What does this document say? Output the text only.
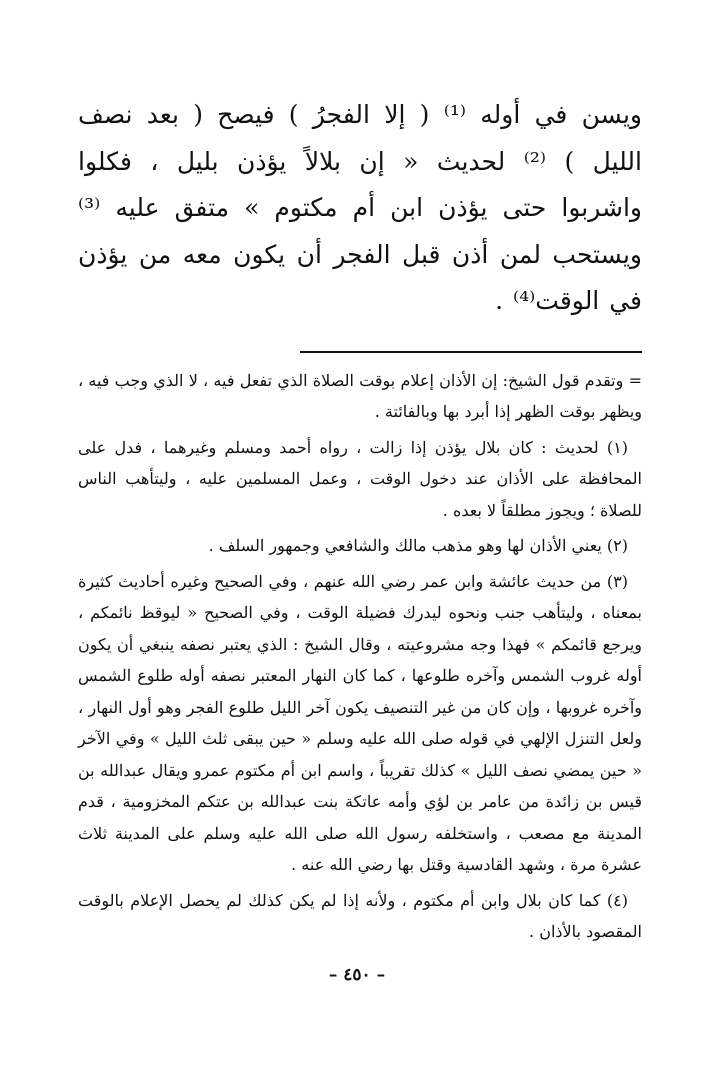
ويسن في أوله ⁽¹⁾ ( إلا الفجرُ ) فيصح ( بعد نصف الليل ) ⁽²⁾ لحديث « إن بلالاً يؤذن بليل ، فكلوا واشربوا حتى يؤذن ابن أم مكتوم » متفق عليه ⁽³⁾ ويستحب لمن أذن قبل الفجر أن يكون معه من يؤذن في الوقت⁽⁴⁾ .

= وتقدم قول الشيخ: إن الأذان إعلام بوقت الصلاة الذي تفعل فيه ، لا الذي وجب فيه ، ويظهر بوقت الظهر إذا أبرد بها وبالفائتة .

(١) لحديث : كان بلال يؤذن إذا زالت ، رواه أحمد ومسلم وغيرهما ، فدل على المحافظة على الأذان عند دخول الوقت ، وعمل المسلمين عليه ، وليتأهب الناس للصلاة ؛ ويجوز مطلقاً لا بعده .

(٢) يعني الأذان لها وهو مذهب مالك والشافعي وجمهور السلف .

(٣) من حديث عائشة وابن عمر رضي الله عنهم ، وفي الصحيح وغيره أحاديث كثيرة بمعناه ، وليتأهب جنب ونحوه ليدرك فضيلة الوقت ، وفي الصحيح « ليوقظ نائمكم ، ويرجع قائمكم » فهذا وجه مشروعيته ، وقال الشيخ : الذي يعتبر نصفه ينبغي أن يكون أوله غروب الشمس وآخره طلوعها ، كما كان النهار المعتبر نصفه أوله طلوع الشمس وآخره غروبها ، وإن كان من غير التنصيف يكون آخر الليل طلوع الفجر وهو أول النهار ، ولعل التنزل الإلهي في قوله صلى الله عليه وسلم « حين يبقى ثلث الليل » وفي الآخر « حين يمضي نصف الليل » كذلك تقريباً ، واسم ابن أم مكتوم عمرو ويقال عبدالله بن قيس بن زائدة من عامر بن لؤي وأمه عاتكة بنت عبدالله بن عتكم المخزومية ، قدم المدينة مع مصعب ، واستخلفه رسول الله صلى الله عليه وسلم على المدينة ثلاث عشرة مرة ، وشهد القادسية وقتل بها رضي الله عنه .

(٤) كما كان بلال وابن أم مكتوم ، ولأنه إذا لم يكن كذلك لم يحصل الإعلام بالوقت المقصود بالأذان .

– ٤٥٠ –
